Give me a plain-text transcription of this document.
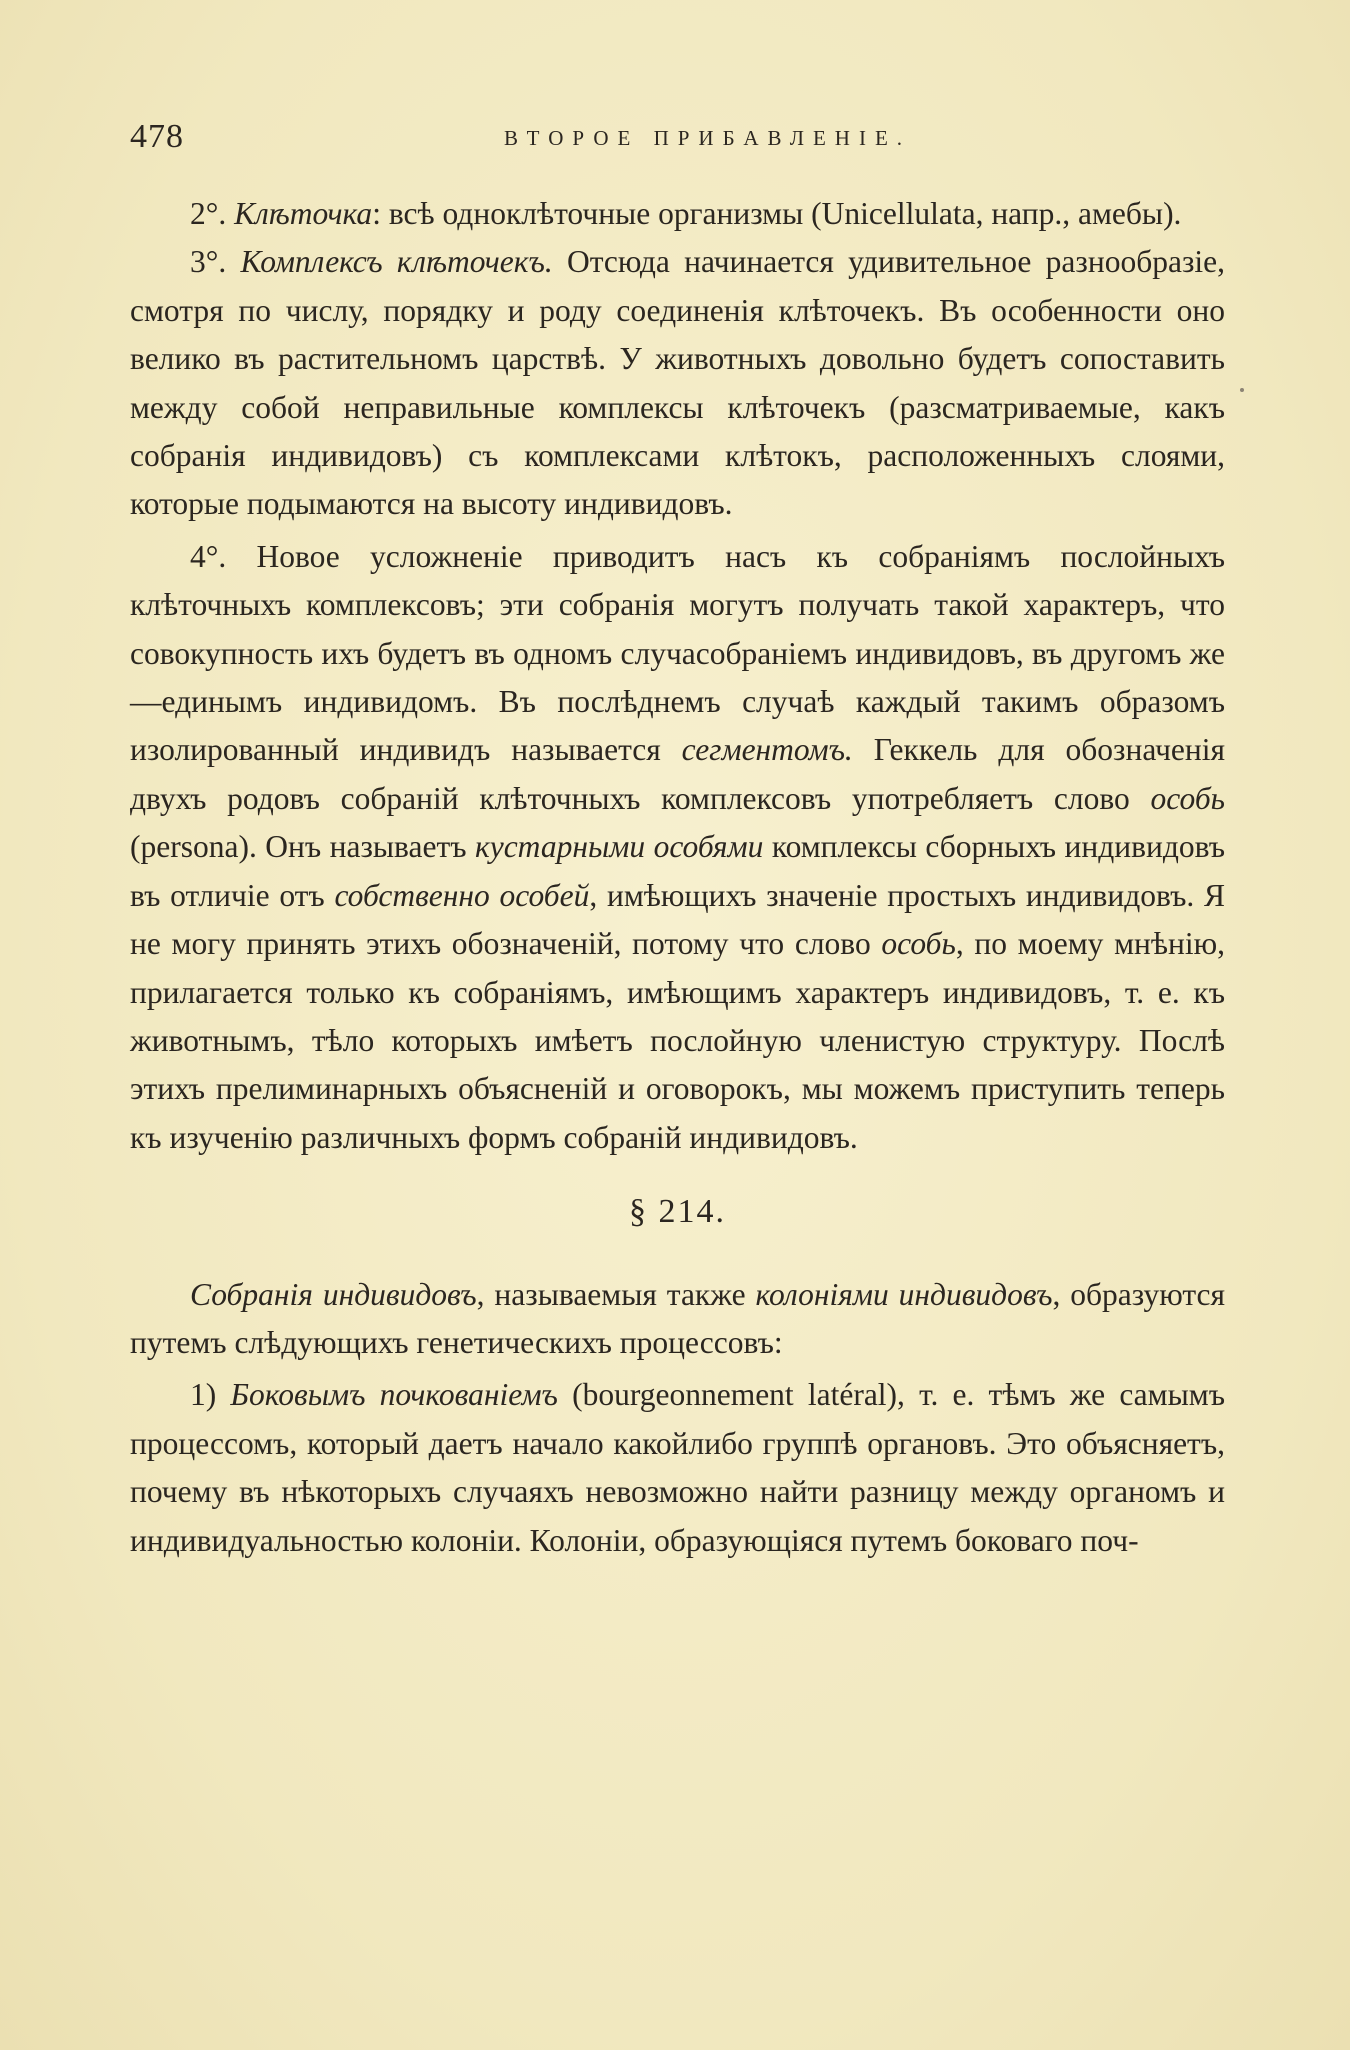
478	ВТОРОЕ ПРИБАВЛЕНІЕ.

2°. Клѣточка: всѣ одноклѣточные организмы (Unicellulata, напр., амебы).

3°. Комплексъ клѣточекъ. Отсюда начинается удивительное разнообразіе, смотря по числу, порядку и роду соединенія клѣточекъ. Въ особенности оно велико въ растительномъ царствѣ. У животныхъ довольно будетъ сопоставить между собой неправильные комплексы клѣточекъ (разсматриваемые, какъ собранія индивидовъ) съ комплексами клѣтокъ, расположенныхъ слоями, которые подымаются на высоту индивидовъ.

4°. Новое усложненіе приводитъ насъ къ собраніямъ послойныхъ клѣточныхъ комплексовъ; эти собранія могутъ получать такой характеръ, что совокупность ихъ будетъ въ одномъ случасобраніемъ индивидовъ, въ другомъ же—единымъ индивидомъ. Въ послѣднемъ случаѣ каждый такимъ образомъ изолированный индивидъ называется сегментомъ. Геккель для обозначенія двухъ родовъ собраній клѣточныхъ комплексовъ употребляетъ слово особь (persona). Онъ называетъ кустарными особями комплексы сборныхъ индивидовъ въ отличіе отъ собственно особей, имѣющихъ значеніе простыхъ индивидовъ. Я не могу принять этихъ обозначеній, потому что слово особь, по моему мнѣнію, прилагается только къ собраніямъ, имѣющимъ характеръ индивидовъ, т. е. къ животнымъ, тѣло которыхъ имѣетъ послойную членистую структуру. Послѣ этихъ прелиминарныхъ объясненій и оговорокъ, мы можемъ приступить теперь къ изученію различныхъ формъ собраній индивидовъ.

§ 214.

Собранія индивидовъ, называемыя также колоніями индивидовъ, образуются путемъ слѣдующихъ генетическихъ процессовъ:

1) Боковымъ почкованіемъ (bourgeonnement latéral), т. е. тѣмъ же самымъ процессомъ, который даетъ начало какойлибо группѣ органовъ. Это объясняетъ, почему въ нѣкоторыхъ случаяхъ невозможно найти разницу между органомъ и индивидуальностью колоніи. Колоніи, образующіяся путемъ боковаго поч-
